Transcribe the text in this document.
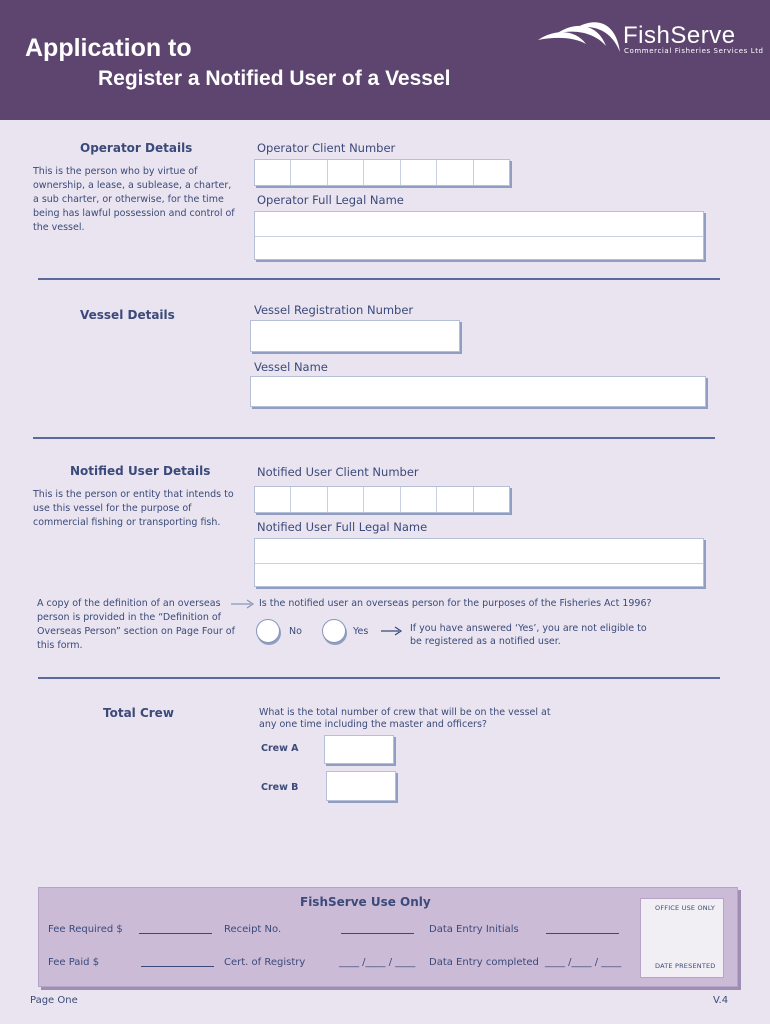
Application to
Register a Notified User of a Vessel
FishServe
Commercial Fisheries Services Ltd
Operator Details
This is the person who by virtue of ownership, a lease, a sublease, a charter, a sub charter, or otherwise, for the time being has lawful possession and control of the vessel.
Operator Client Number
Operator Full Legal Name
Vessel Details	Vessel Registration Number
Vessel Name
Notified User Details
This is the person or entity that intends to use this vessel for the purpose of commercial fishing or transporting fish.
Notified User Client Number
Notified User Full Legal Name
A copy of the definition of an overseas person is provided in the “Definition of Overseas Person” section on Page Four of this form.
Is the notified user an overseas person for the purposes of the Fisheries Act 1996?
No	Yes	If you have answered ‘Yes’, you are not eligible to be registered as a notified user.
Total Crew	What is the total number of crew that will be on the vessel at any one time including the master and officers?
Crew A
Crew B
FishServe Use Only	OFFICE USE ONLY
DATE PRESENTED
Fee Required $	Receipt No.	Data Entry Initials
Fee Paid $	Cert. of Registry	____ /____ / ____ Data Entry completed ____ /____ / ____
Page One	V.4
